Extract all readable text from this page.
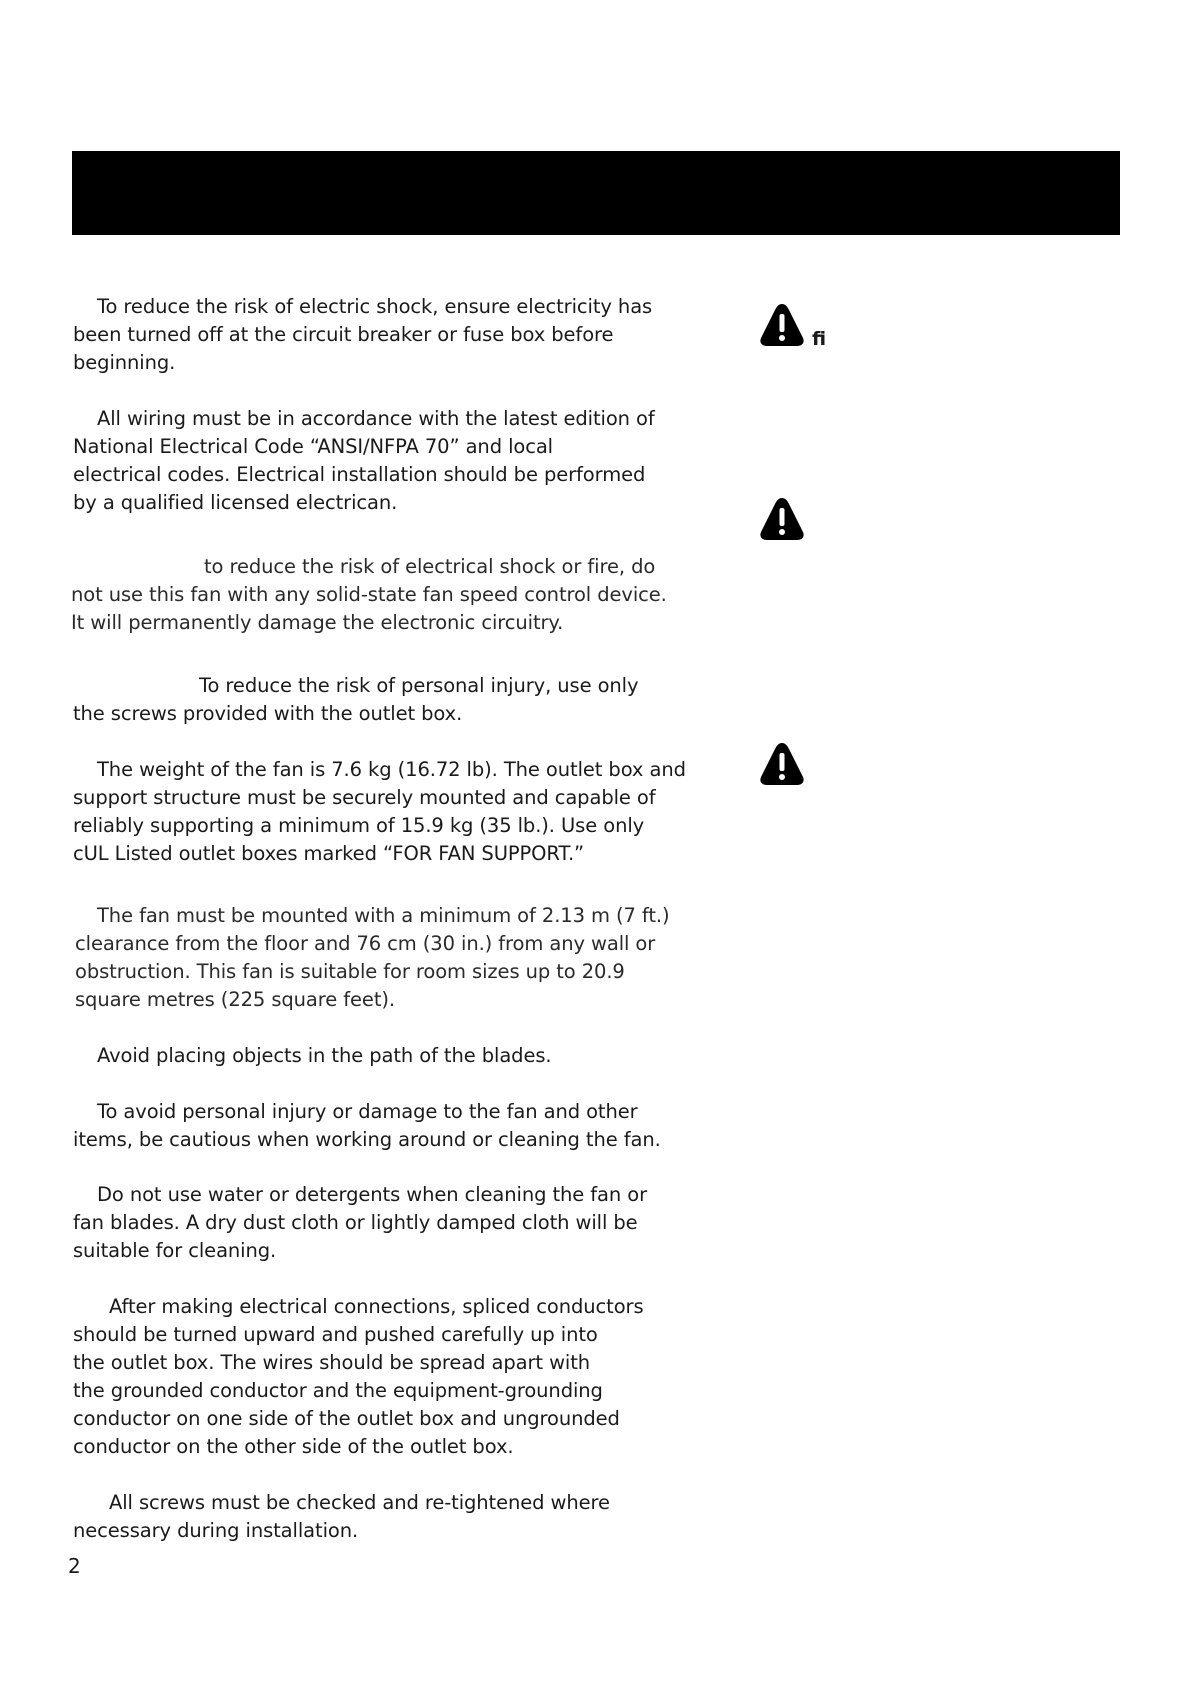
To reduce the risk of electric shock, ensure electricity has
been turned off at the circuit breaker or fuse box before
beginning.

All wiring must be in accordance with the latest edition of
National Electrical Code “ANSI/NFPA 70” and local
electrical codes. Electrical installation should be performed
by a qualified licensed electrican.

to reduce the risk of electrical shock or fire, do
not use this fan with any solid-state fan speed control device.
It will permanently damage the electronic circuitry.

To reduce the risk of personal injury, use only
the screws provided with the outlet box.

The weight of the fan is 7.6 kg (16.72 lb). The outlet box and
support structure must be securely mounted and capable of
reliably supporting a minimum of 15.9 kg (35 lb.). Use only
cUL Listed outlet boxes marked “FOR FAN SUPPORT.”

The fan must be mounted with a minimum of 2.13 m (7 ft.)
clearance from the floor and 76 cm (30 in.) from any wall or
obstruction. This fan is suitable for room sizes up to 20.9
square metres (225 square feet).

Avoid placing objects in the path of the blades.

To avoid personal injury or damage to the fan and other
items, be cautious when working around or cleaning the fan.

Do not use water or detergents when cleaning the fan or
fan blades. A dry dust cloth or lightly damped cloth will be
suitable for cleaning.

After making electrical connections, spliced conductors
should be turned upward and pushed carefully up into
the outlet box. The wires should be spread apart with
the grounded conductor and the equipment-grounding
conductor on one side of the outlet box and ungrounded
conductor on the other side of the outlet box.

All screws must be checked and re-tightened where
necessary during installation.

ﬁ
2
